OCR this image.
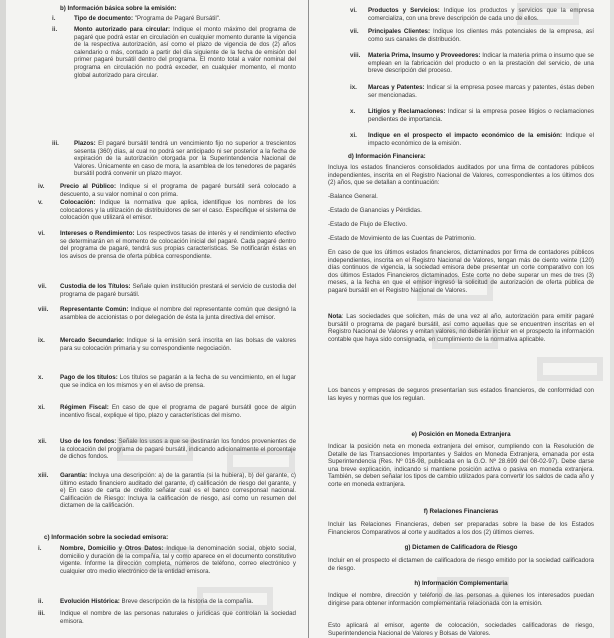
b) Información básica sobre la emisión:
i.	Tipo de documento: "Programa de Pagaré Bursátil".
ii.	Monto autorizado para circular: Indique el monto máximo del programa de pagaré que podrá estar en circulación en cualquier momento durante la vigencia de la respectiva autorización, así como el plazo de vigencia de dos (2) años calendario o más, contado a partir del día siguiente de la fecha de emisión del primer pagaré bursátil dentro del programa. El monto total a valor nominal del programa en circulación no podrá exceder, en cualquier momento, el monto global autorizado para circular.
iii. Plazos: El pagaré bursátil tendrá un vencimiento fijo no superior a trescientos sesenta (360) días, al cual no podrá ser anticipado ni ser posterior a la fecha de expiración de la autorización otorgada por la Superintendencia Nacional de Valores. Únicamente en caso de mora, la asamblea de los tenedores de pagarés bursátil podrá convenir un plazo mayor.
iv.	Precio al Público: Indique si el programa de pagaré bursátil será colocado a descuento, a su valor nominal o con prima.
v.	Colocación: Indique la normativa que aplica, identifique los nombres de los colocadores y la utilización de distribuidores de ser el caso. Especifique el sistema de colocación que utilizará el emisor.
vi. Intereses o Rendimiento: Los respectivos tasas de interés y el rendimiento efectivo se determinarán en el momento de colocación inicial del pagaré. Cada pagaré dentro del programa de pagaré, tendrá sus propias características. Se notificarán éstas en los avisos de prensa de oferta pública correspondiente.
vii. Custodia de los Títulos: Señale quien institución prestará el servicio de custodia del programa de pagaré bursátil.
viii. Representante Común: Indique el nombre del representante común que designó la asamblea de accionistas o por delegación de ésta la junta directiva del emisor.
ix. Mercado Secundario: Indique si la emisión será inscrita en las bolsas de valores para su colocación primaria y su correspondiente negociación.
x.	Pago de los títulos: Los títulos se pagarán a la fecha de su vencimiento, en el lugar que se indica en los mismos y en el aviso de prensa.
xi. Régimen Fiscal: En caso de que el programa de pagaré bursátil goce de algún incentivo fiscal, explique el tipo, plazo y características del mismo.
xii. Uso de los fondos: Señale los usos a que se destinarán los fondos provenientes de la colocación del programa de pagaré bursátil, indicando adicionalmente el porcentaje de dichos fondos.
xiii. Garantía: Incluya una descripción: a) de la garantía (si la hubiera), b) del garante, c) último estado financiero auditado del garante, d) calificación de riesgo del garante, y e) En caso de carta de crédito señalar cual es el banco corresponsal nacional. Calificación de Riesgo: Incluya la calificación de riesgo, así como un resumen del dictamen de la calificación.
c) Información sobre la sociedad emisora:
i.	Nombre, Domicilio y Otros Datos: Indique la denominación social, objeto social, domicilio y duración de la compañía, tal y como aparece en el documento constitutivo vigente. Informe la dirección completa, números de teléfono, correo electrónico y cualquier otro medio electrónico de la entidad emisora.
ii.	Evolución Histórica: Breve descripción de la historia de la compañía.
iii. Indique el nombre de las personas naturales o jurídicas que controlan la sociedad emisora.
vi. Productos y Servicios: Indique los productos y servicios que la empresa comercializa, con una breve descripción de cada uno de ellos.
vii. Principales Clientes: Indique los clientes más potenciales de la empresa, así como sus canales de distribución.
viii. Materia Prima, Insumo y Proveedores: Indicar la materia prima o insumo que se emplean en la fabricación del producto o en la prestación del servicio, de una breve descripción del proceso.
ix. Marcas y Patentes: Indicar si la empresa posee marcas y patentes, éstas deben ser mencionadas.
x. Litigios y Reclamaciones: Indicar si la empresa posee litigios o reclamaciones pendientes de importancia.
xi. Indique en el prospecto el impacto económico de la emisión: Indique el impacto económico de la emisión.
d) Información Financiera:
Incluya los estados financieros consolidados auditados por una firma de contadores públicos independientes, inscrita en el Registro Nacional de Valores, correspondientes a los últimos dos (2) años, que se detallan a continuación:
-Balance General.
-Estado de Ganancias y Pérdidas.
-Estado de Flujo de Efectivo.
-Estado de Movimiento de las Cuentas de Patrimonio.
En caso de que los últimos estados financieros, dictaminados por firma de contadores públicos independientes, inscrita en el Registro Nacional de Valores, tengan más de ciento veinte (120) días continuos de vigencia, la sociedad emisora debe presentar un corte comparativo con los dos últimos Estados Financieros dictaminados. Este corte no debe superar un mes de tres (3) meses, a la fecha en que el emisor ingresó la solicitud de autorización de oferta pública de pagaré bursátil en el Registro Nacional de Valores.
Nota: Las sociedades que soliciten, más de una vez al año, autorización para emitir pagaré bursátil o programa de pagaré bursátil, así como aquellas que se encuentren inscritas en el Registro Nacional de Valores y emitan valores, no deberán incluir en el prospecto la información contable que haya sido consignada, en cumplimiento de la normativa aplicable.
Los bancos y empresas de seguros presentarían sus estados financieros, de conformidad con las leyes y normas que los regulan.
e) Posición en Moneda Extranjera
Indicar la posición neta en moneda extranjera del emisor, cumpliendo con la Resolución de Detalle de las Transacciones Importantes y Saldos en Moneda Extranjera, emanada por esta Superintendencia (Res. Nº 016-98, publicada en la G.O. Nº 28.699 del 08-02-97). Debe darse una breve explicación, indicando si mantiene posición activa o pasiva en moneda extranjera. También, se deben señalar los tipos de cambio utilizados para convertir los saldos de cada año y corte en moneda extranjera.
f) Relaciones Financieras
Incluir las Relaciones Financieras, deben ser preparadas sobre la base de los Estados Financieros Comparativos al corte y auditados a los dos (2) últimos cierres.
g) Dictamen de Calificadora de Riesgo
Incluir en el prospecto el dictamen de calificadora de riesgo emitido por la sociedad calificadora de riesgo.
h) Información Complementaria
Indique el nombre, dirección y teléfono de las personas a quienes los interesados puedan dirigirse para obtener información complementaria relacionada con la emisión.
Esto aplicará al emisor, agente de colocación, sociedades calificadoras de riesgo, Superintendencia Nacional de Valores y Bolsas de Valores.
